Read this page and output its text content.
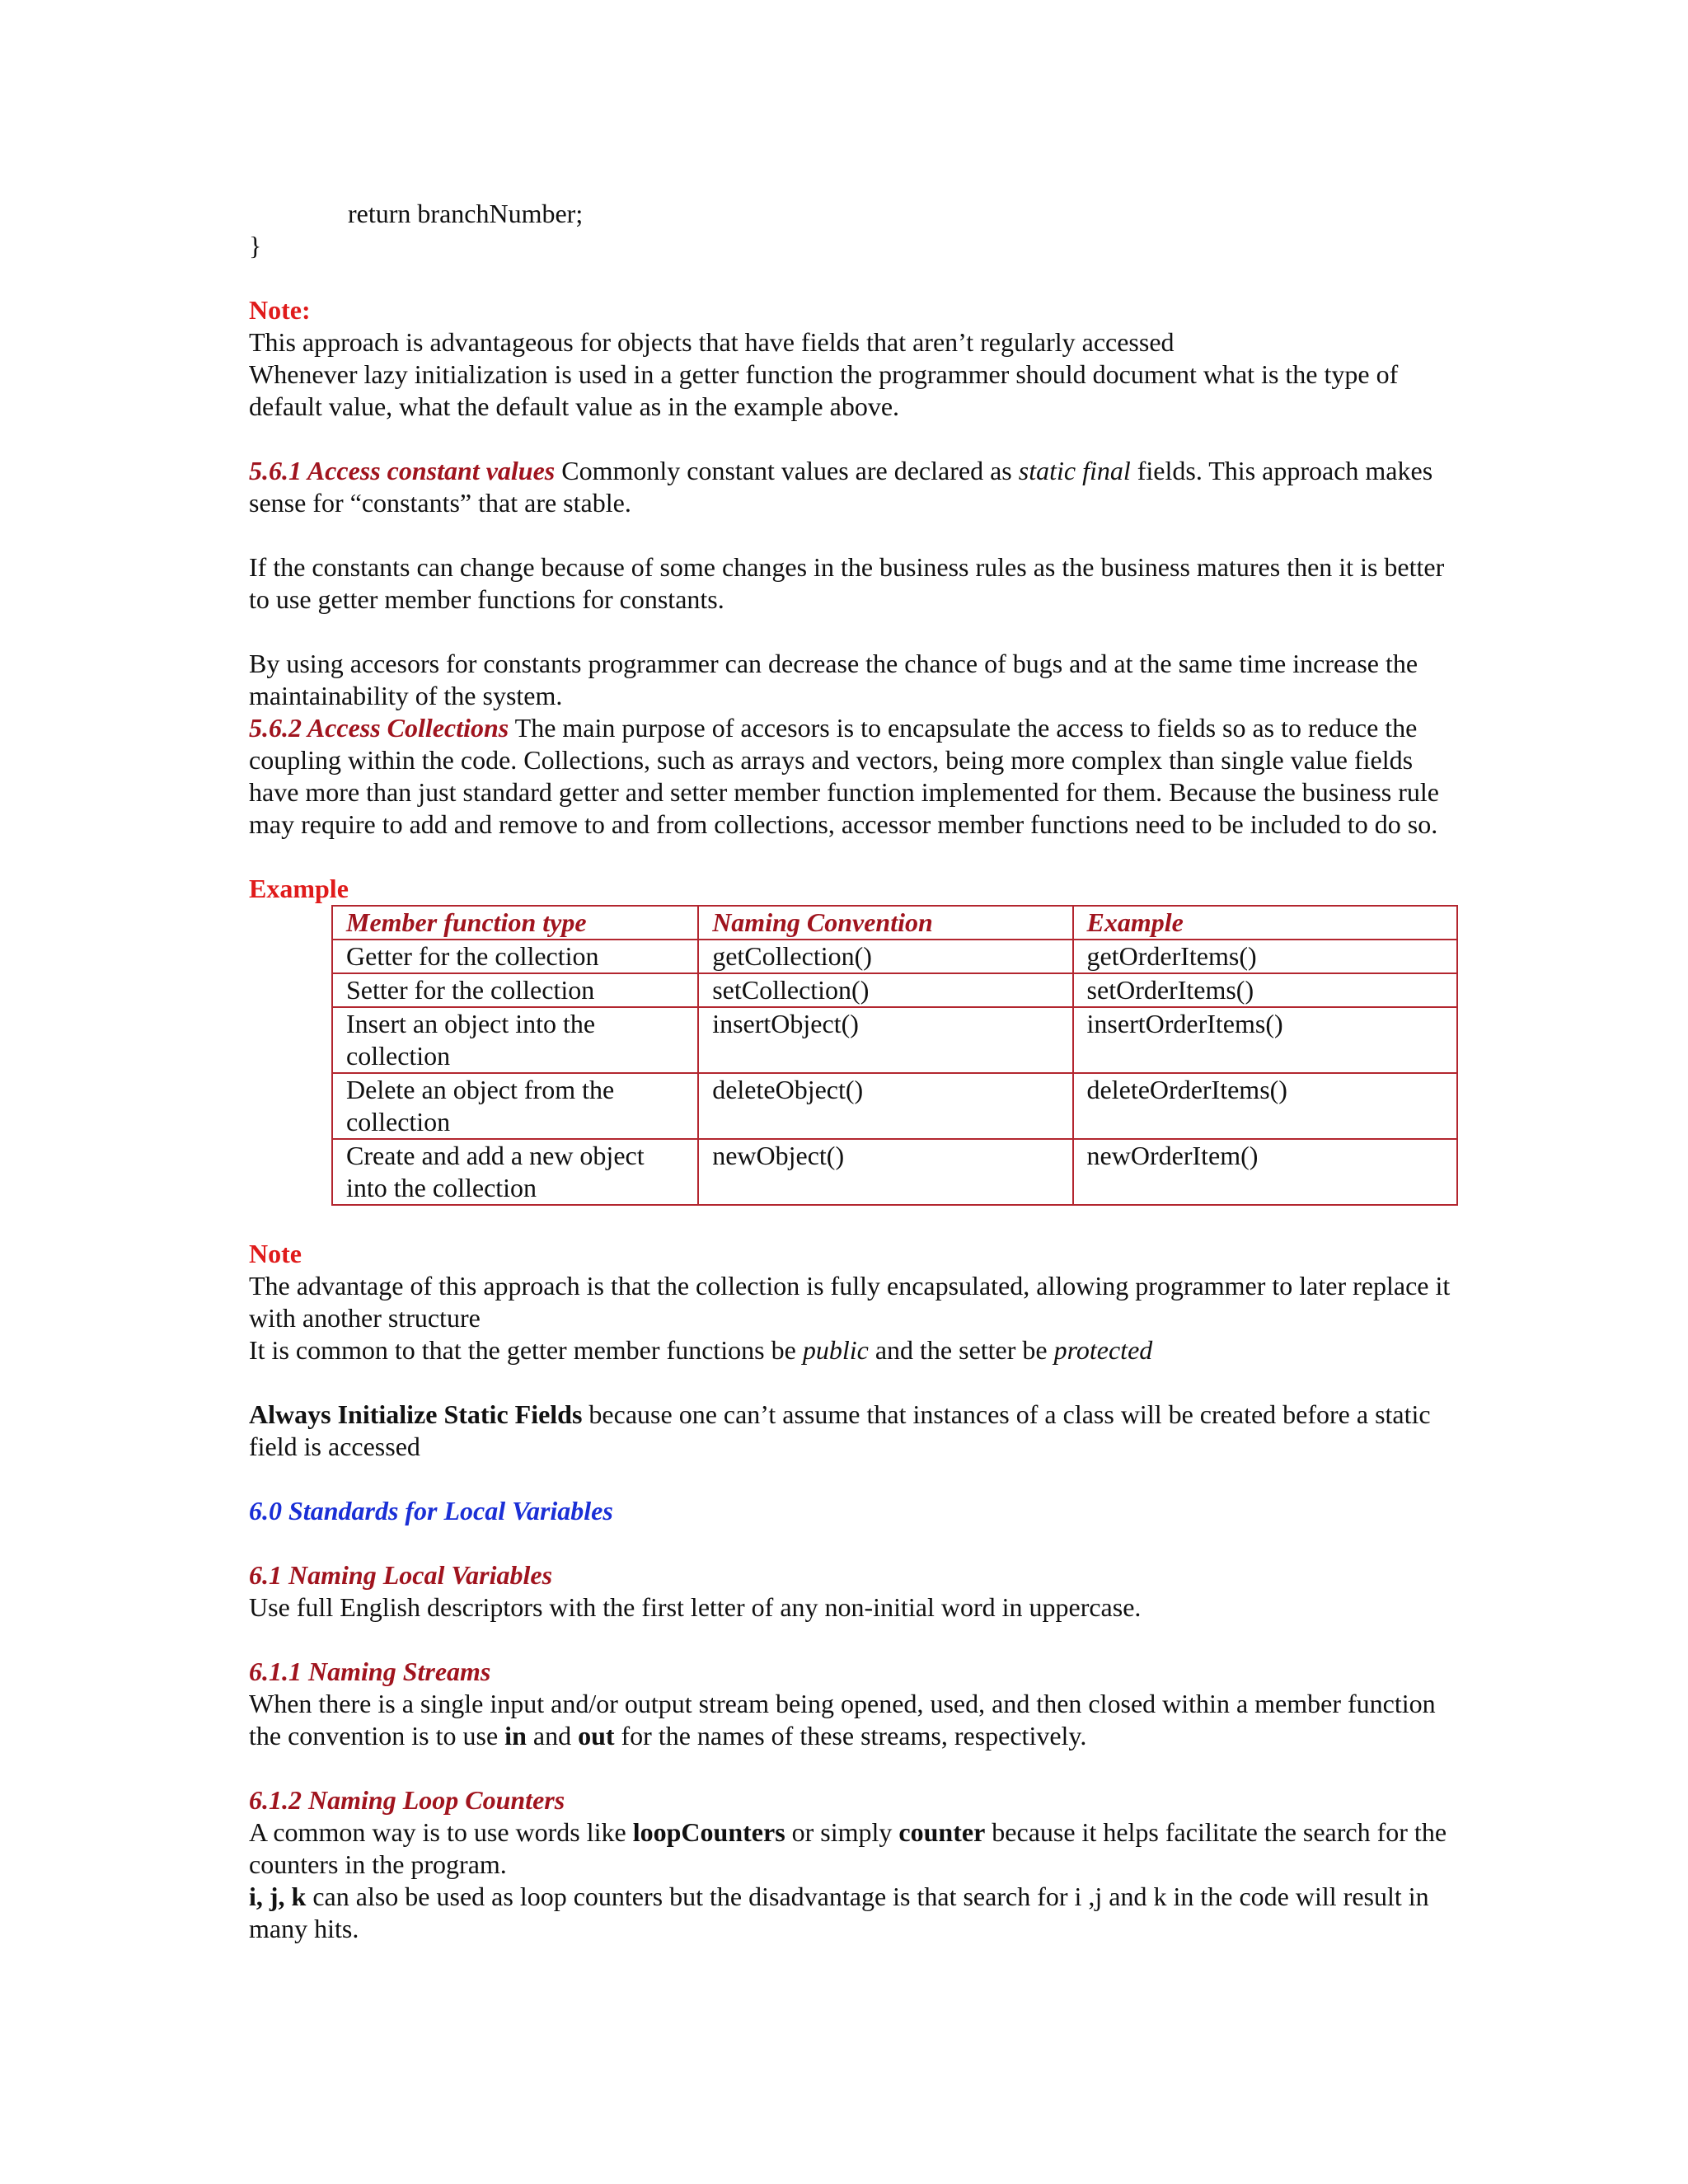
return branchNumber;

}

Note:

This approach is advantageous for objects that have fields that aren’t regularly accessed

Whenever lazy initialization is used in a getter function the programmer should document what is the type of default value, what the default value as in the example above.

5.6.1 Access constant values Commonly constant values are declared as static final fields. This approach makes sense for “constants” that are stable.

If the constants can change because of some changes in the business rules as the business matures then it is better to use getter member functions for constants.

By using accesors for constants programmer can decrease the chance of bugs and at the same time increase the maintainability of the system.

5.6.2 Access Collections The main purpose of accesors is to encapsulate the access to fields so as to reduce the coupling within the code. Collections, such as arrays and vectors, being more complex than single value fields have more than just standard getter and setter member function implemented for them. Because the business rule may require to add and remove to and from collections, accessor member functions need to be included to do so.

Example

Member function type	Naming Convention	Example
Getter for the collection	getCollection()	getOrderItems()
Setter for the collection	setCollection()	setOrderItems()
Insert an object into the collection	insertObject()	insertOrderItems()
Delete an object from the collection	deleteObject()	deleteOrderItems()
Create and add a new object into the collection	newObject()	newOrderItem()

Note

The advantage of this approach is that the collection is fully encapsulated, allowing programmer to later replace it with another structure

It is common to that the getter member functions be public and the setter be protected

Always Initialize Static Fields because one can’t assume that instances of a class will be created before a static field is accessed

6.0 Standards for Local Variables

6.1 Naming Local Variables

Use full English descriptors with the first letter of any non-initial word in uppercase.

6.1.1 Naming Streams

When there is a single input and/or output stream being opened, used, and then closed within a member function the convention is to use in and out for the names of these streams, respectively.

6.1.2 Naming Loop Counters

A common way is to use words like loopCounters or simply counter because it helps facilitate the search for the counters in the program.

i, j, k can also be used as loop counters but the disadvantage is that search for i ,j and k in the code will result in many hits.
